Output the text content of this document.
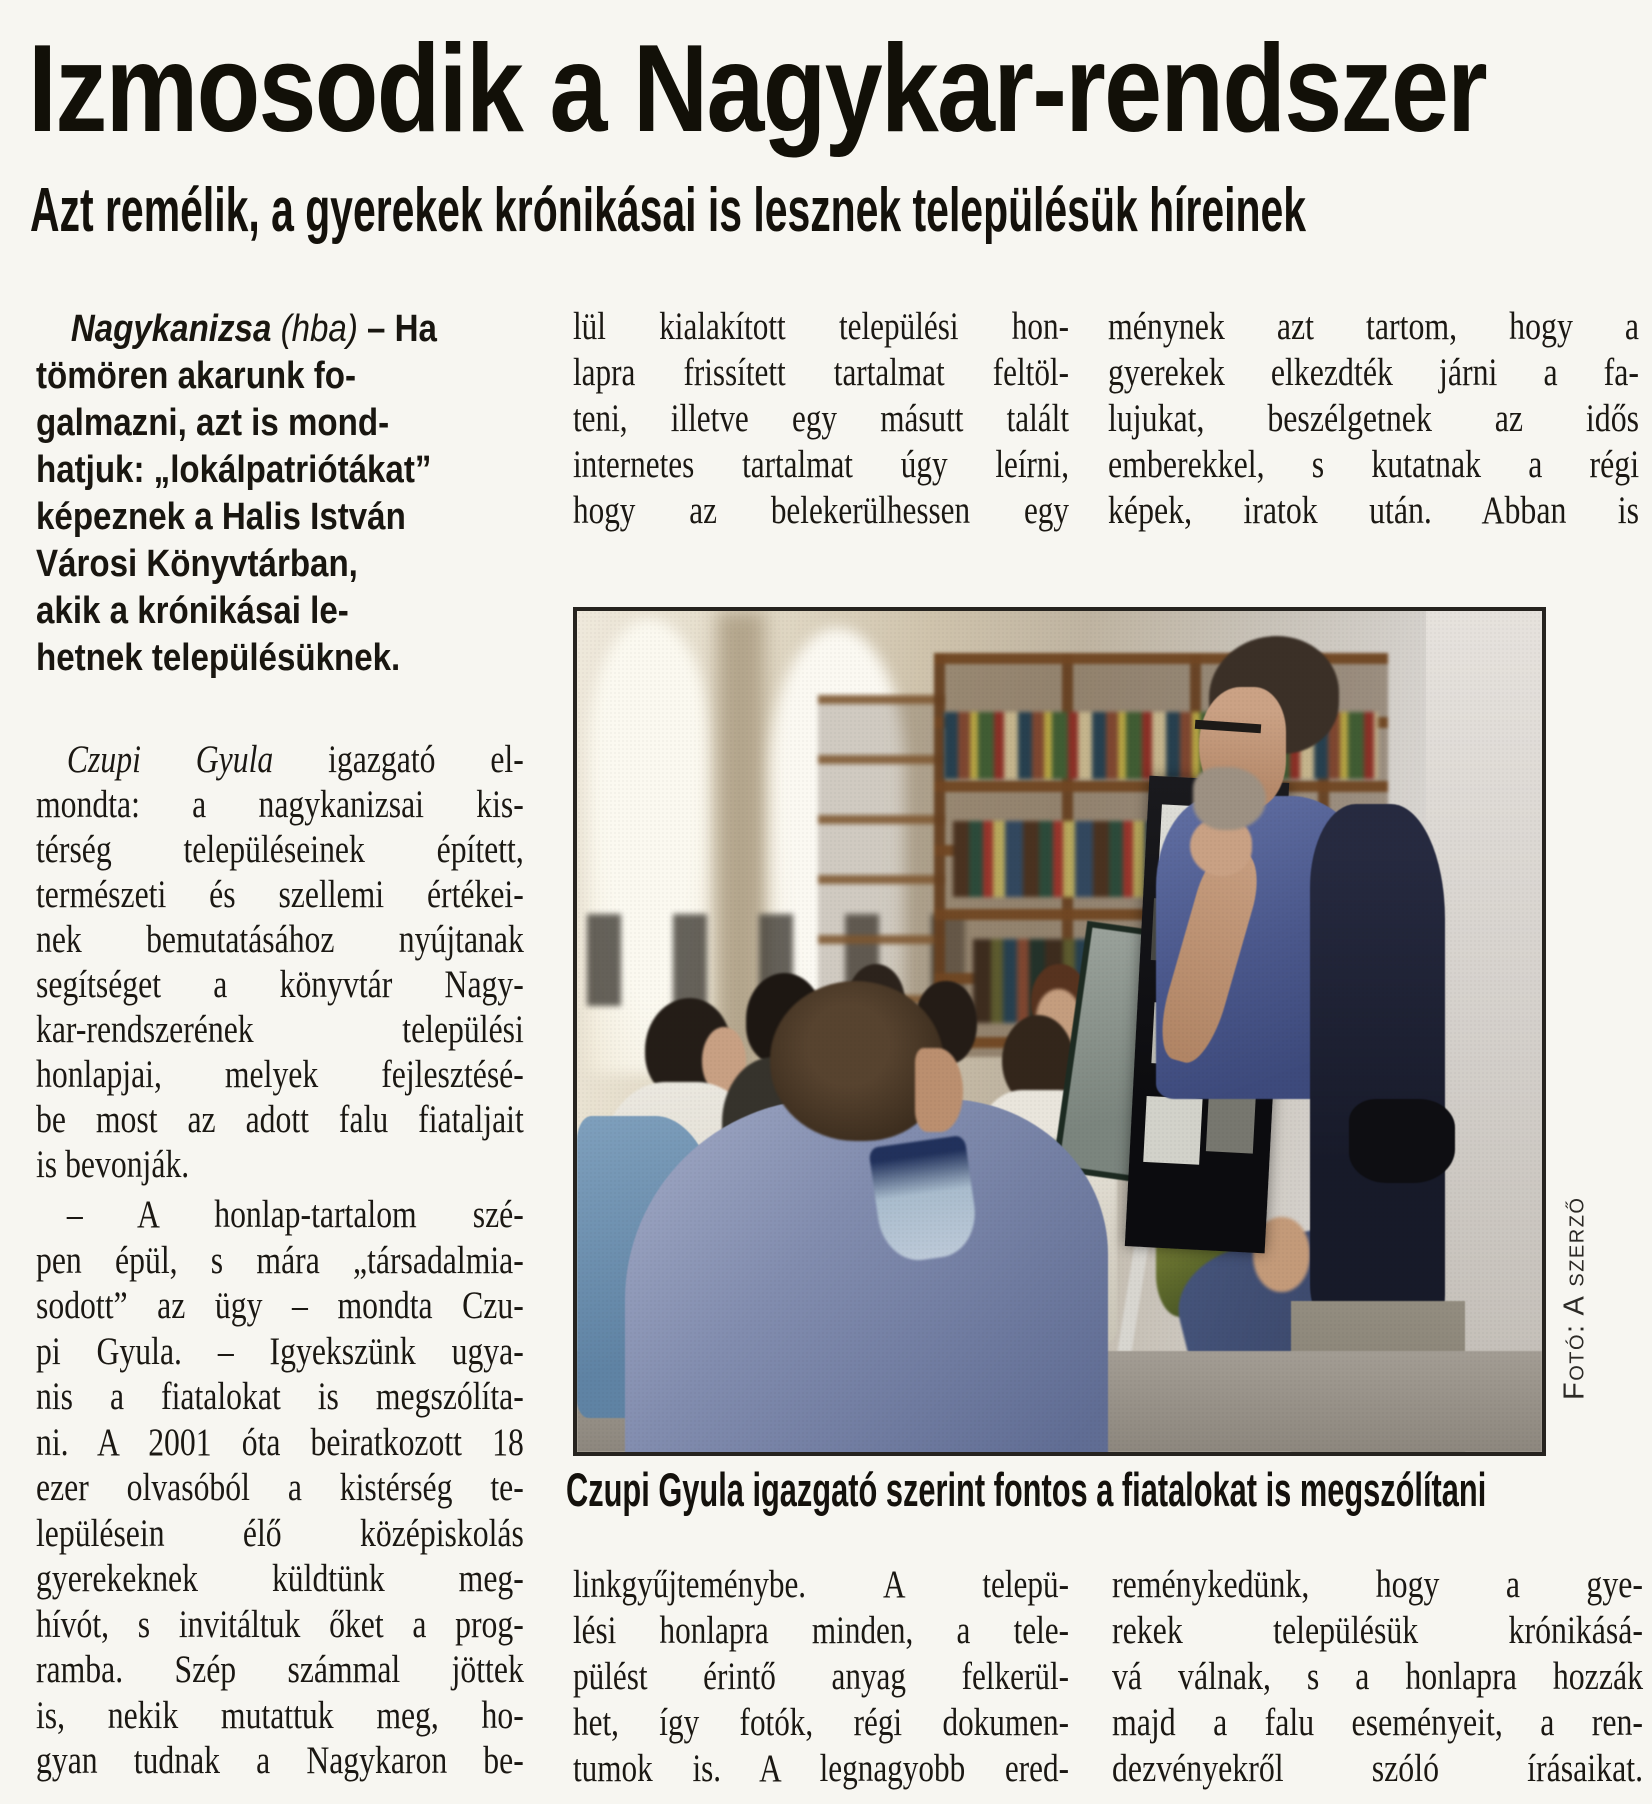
Izmosodik a Nagykar-rendszer
Azt remélik, a gyerekek krónikásai is lesznek településük híreinek
Nagykanizsa (hba) – Ha
tömören akarunk fo-
galmazni, azt is mond-
hatjuk: „lokálpatriótákat”
képeznek a Halis István
Városi Könyvtárban,
akik a krónikásai le-
hetnek településüknek.
Czupi Gyula igazgató el-
mondta: a nagykanizsai kis-
térség településeinek épített,
természeti és szellemi értékei-
nek bemutatásához nyújtanak
segítséget a könyvtár Nagy-
kar-rendszerének települési
honlapjai, melyek fejlesztésé-
be most az adott falu fiataljait
is bevonják.
– A honlap-tartalom szé-
pen épül, s mára „társadalmia-
sodott” az ügy – mondta Czu-
pi Gyula. – Igyekszünk ugya-
nis a fiatalokat is megszólíta-
ni. A 2001 óta beiratkozott 18
ezer olvasóból a kistérség te-
lepülésein élő középiskolás
gyerekeknek küldtünk meg-
hívót, s invitáltuk őket a prog-
ramba. Szép számmal jöttek
is, nekik mutattuk meg, ho-
gyan tudnak a Nagykaron be-
lül kialakított települési hon-
lapra frissített tartalmat feltöl-
teni, illetve egy másutt talált
internetes tartalmat úgy leírni,
hogy az belekerülhessen egy
ménynek azt tartom, hogy a
gyerekek elkezdték járni a fa-
lujukat, beszélgetnek az idős
emberekkel, s kutatnak a régi
képek, iratok után. Abban is
Fotó: A szerző
Czupi Gyula igazgató szerint fontos a fiatalokat is megszólítani
linkgyűjteménybe. A telepü-
lési honlapra minden, a tele-
pülést érintő anyag felkerül-
het, így fotók, régi dokumen-
tumok is. A legnagyobb ered-
reménykedünk, hogy a gye-
rekek településük krónikásá-
vá válnak, s a honlapra hozzák
majd a falu eseményeit, a ren-
dezvényekről szóló írásaikat.
